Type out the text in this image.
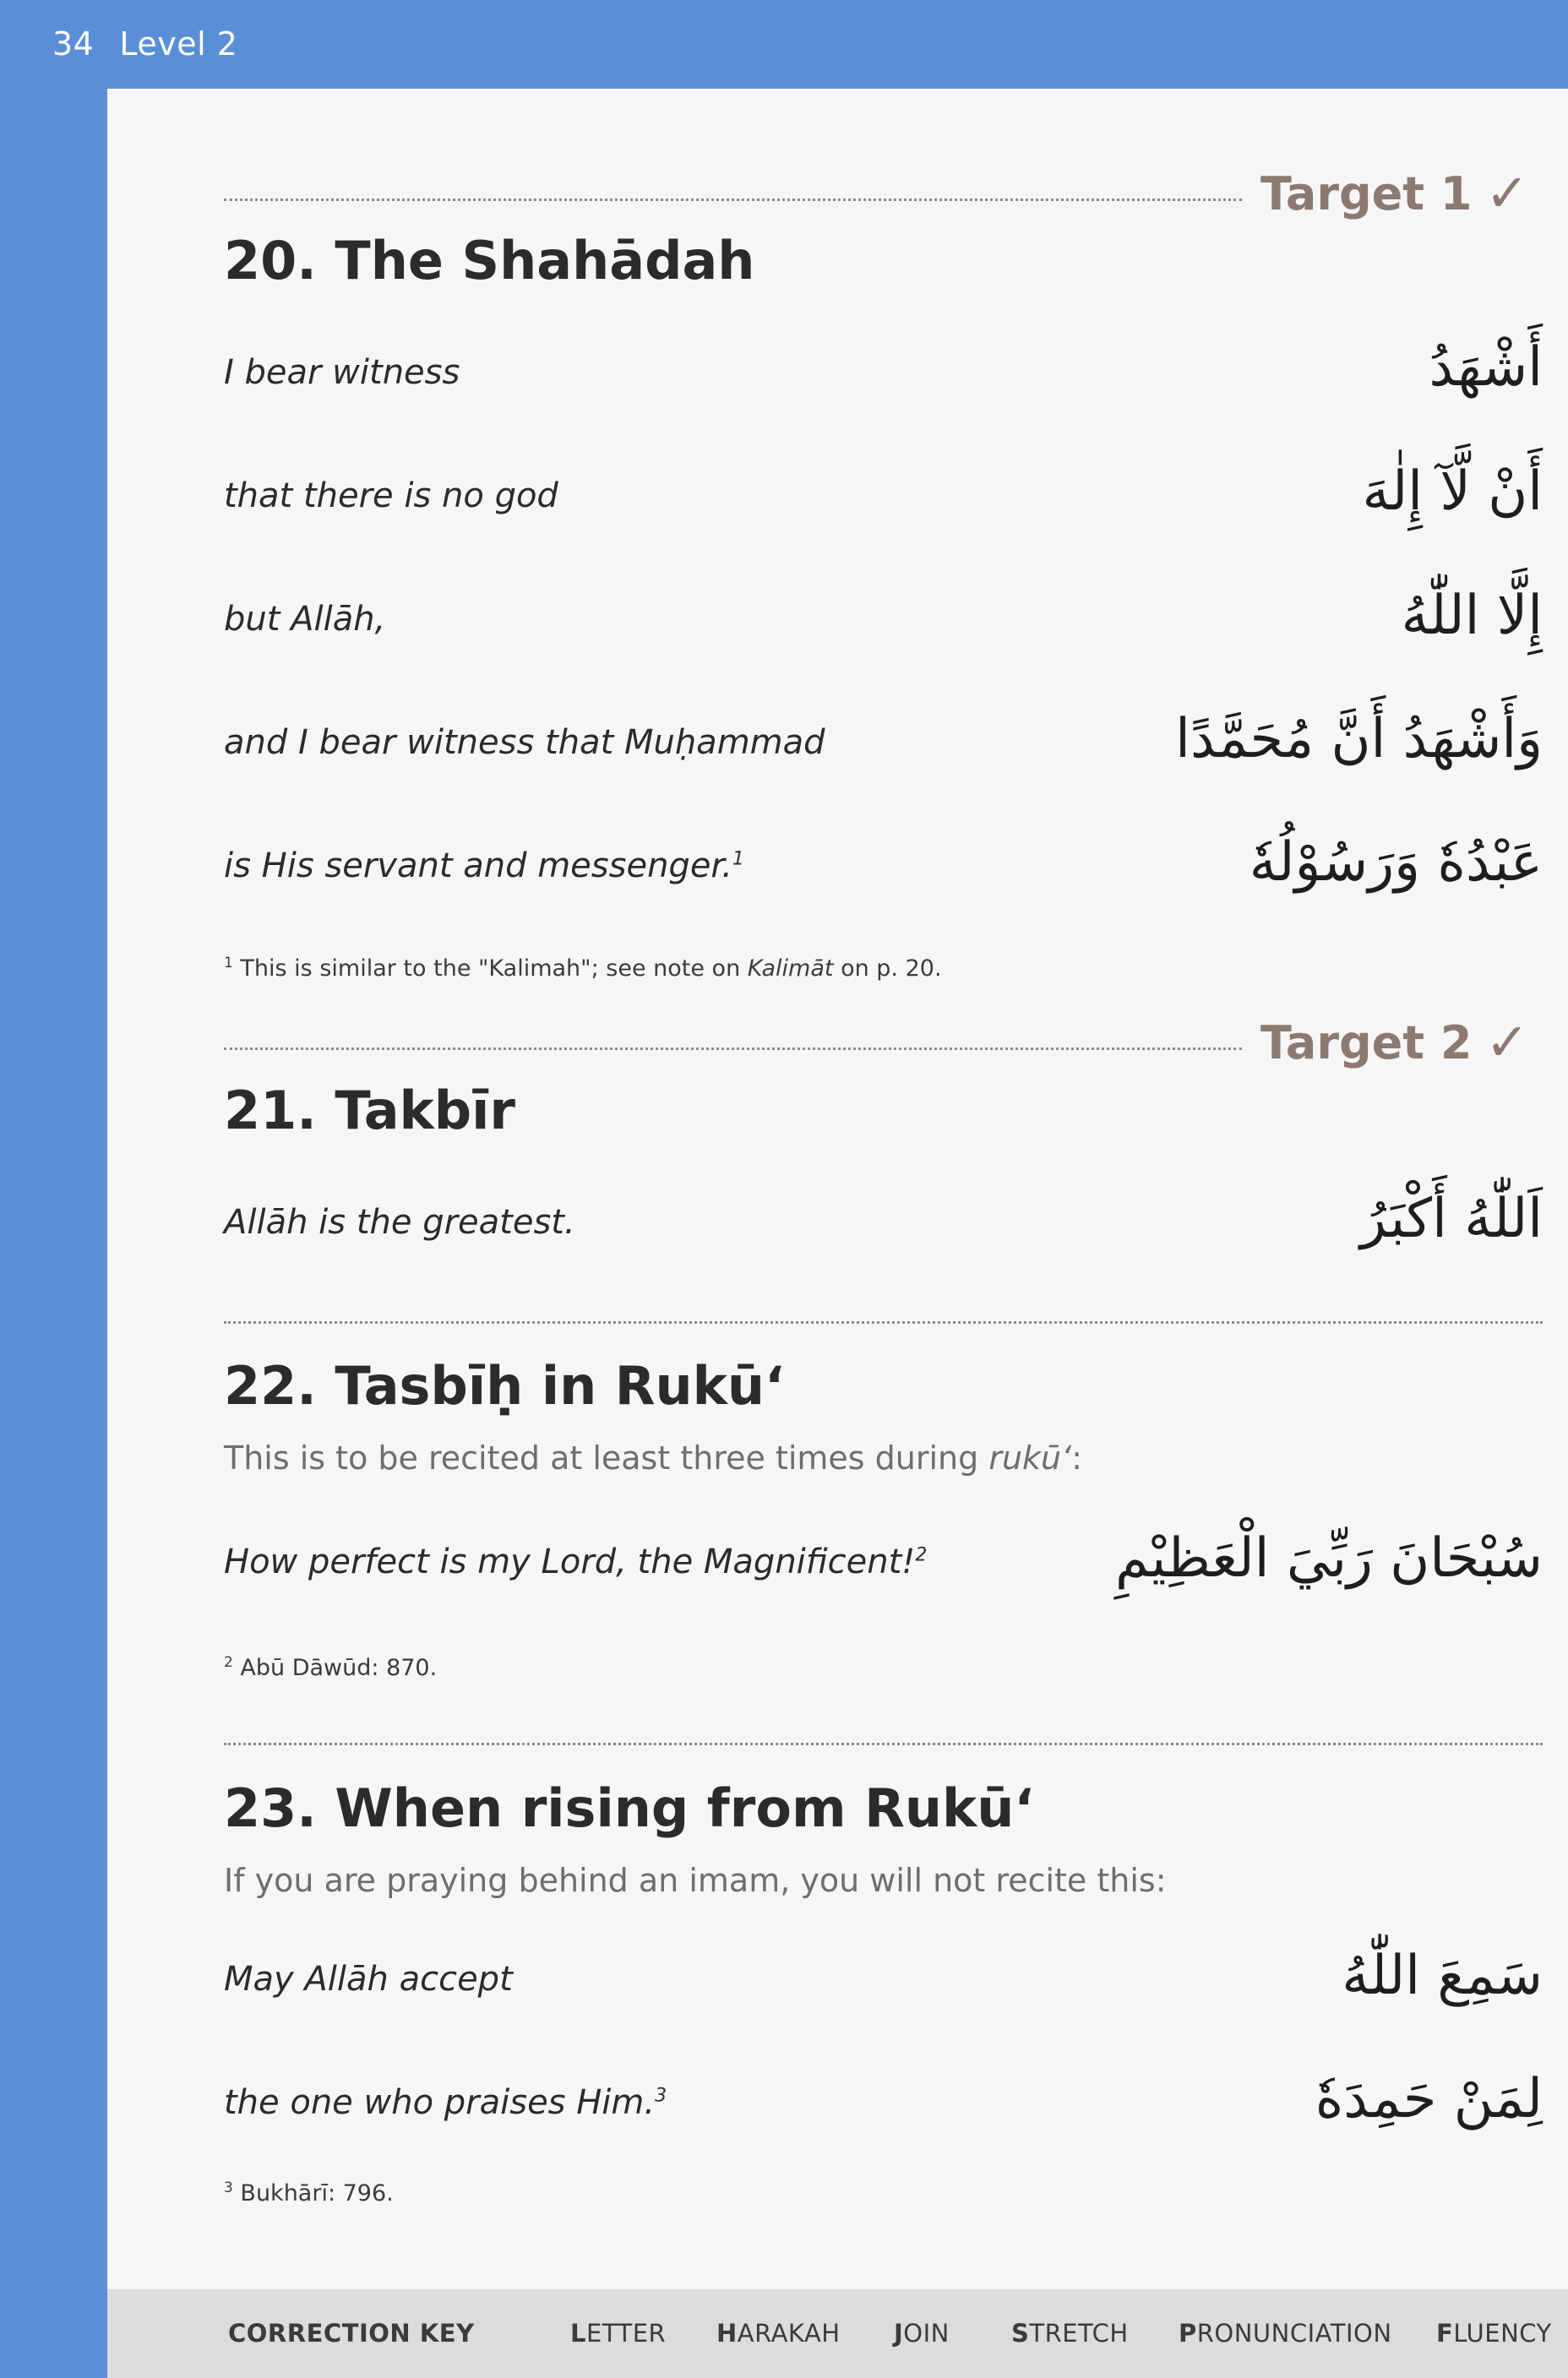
34 Level 2
Target 1 ✓
20. The Shahādah
I bear witness	أَشْهَدُ
that there is no god	أَنْ لَّآ إِلٰهَ
but Allāh,	إِلَّا اللّٰهُ
and I bear witness that Muḥammad	وَأَشْهَدُ أَنَّ مُحَمَّدًا
is His servant and messenger.$^1$	عَبْدُهٗ وَرَسُوْلُهٗ
$^1$ This is similar to the "Kalimah"; see note on Kalimāt on p. 20.
Target 2 ✓
21. Takbīr
Allāh is the greatest.	اَللّٰهُ أَكْبَرُ
22. Tasbīḥ in Rukū‘
This is to be recited at least three times during rukū‘:
How perfect is my Lord, the Magnificent!$^2$	سُبْحَانَ رَبِّيَ الْعَظِيْمِ
$^2$ Abū Dāwūd: 870.
23. When rising from Rukū‘
If you are praying behind an imam, you will not recite this:
May Allāh accept	سَمِعَ اللّٰهُ
the one who praises Him.$^3$	لِمَنْ حَمِدَهٗ
$^3$ Bukhārī: 796.
CORRECTION KEY	LETTER HARAKAH JOIN	STRETCH PRONUNCIATION FLUENCY
